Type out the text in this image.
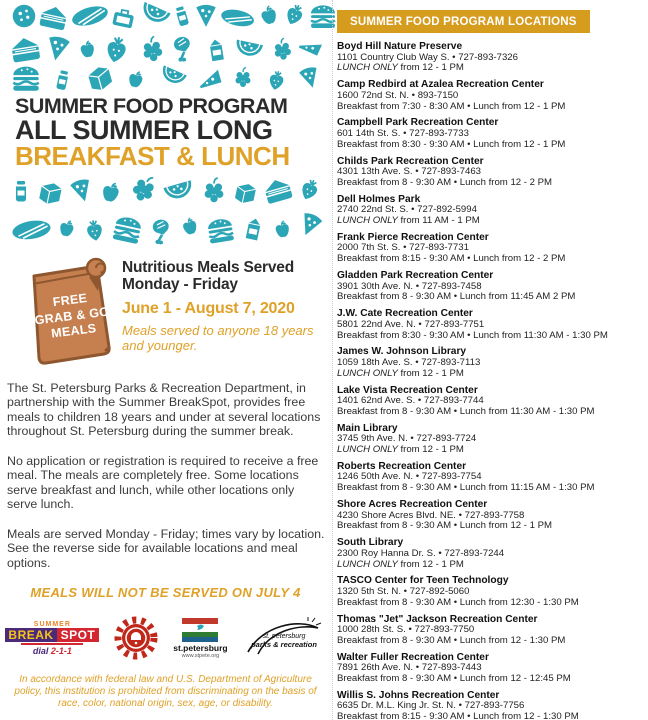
SUMMER FOOD PROGRAM
ALL SUMMER LONG
BREAKFAST & LUNCH
FREE
GRAB & GO
MEALS
Nutritious Meals Served
Monday - Friday
June 1 - August 7, 2020
Meals served to anyone 18 years and younger.
The St. Petersburg Parks & Recreation Department, in partnership with the Summer BreakSpot, provides free meals to children 18 years and under at several locations throughout St. Petersburg during the summer break.
No application or registration is required to receive a free meal. The meals are completely free. Some locations serve breakfast and lunch, while other locations only serve lunch.
Meals are served Monday - Friday; times vary by location. See the reverse side for available locations and meal options.
MEALS WILL NOT BE SERVED ON JULY 4
SUMMER
BREAK SPOT
dial 2-1-1	st.petersburg
www.stpete.org
st. petersburg
parks & recreation
In accordance with federal law and U.S. Department of Agriculture policy, this institution is prohibited from discriminating on the basis of race, color, national origin, sex, age, or disability.
SUMMER FOOD PROGRAM LOCATIONS
Boyd Hill Nature Preserve
1101 Country Club Way S. • 727-893-7326
LUNCH ONLY from 12 - 1 PM
Camp Redbird at Azalea Recreation Center
1600 72nd St. N. • 893-7150
Breakfast from 7:30 - 8:30 AM • Lunch from 12 - 1 PM
Campbell Park Recreation Center
601 14th St. S. • 727-893-7733
Breakfast from 8:30 - 9:30 AM • Lunch from 12 - 1 PM
Childs Park Recreation Center
4301 13th Ave. S. • 727-893-7463
Breakfast from 8 - 9:30 AM • Lunch from 12 - 2 PM
Dell Holmes Park
2740 22nd St. S. • 727-892-5994
LUNCH ONLY from 11 AM - 1 PM
Frank Pierce Recreation Center
2000 7th St. S. • 727-893-7731
Breakfast from 8:15 - 9:30 AM • Lunch from 12 - 2 PM
Gladden Park Recreation Center
3901 30th Ave. N. • 727-893-7458
Breakfast from 8 - 9:30 AM • Lunch from 11:45 AM 2 PM
J.W. Cate Recreation Center
5801 22nd Ave. N. • 727-893-7751
Breakfast from 8:30 - 9:30 AM • Lunch from 11:30 AM - 1:30 PM
James W. Johnson Library
1059 18th Ave. S. • 727-893-7113
LUNCH ONLY from 12 - 1 PM
Lake Vista Recreation Center
1401 62nd Ave. S. • 727-893-7744
Breakfast from 8 - 9:30 AM • Lunch from 11:30 AM - 1:30 PM
Main Library
3745 9th Ave. N. • 727-893-7724
LUNCH ONLY from 12 - 1 PM
Roberts Recreation Center
1246 50th Ave. N. • 727-893-7754
Breakfast from 8 - 9:30 AM • Lunch from 11:15 AM - 1:30 PM
Shore Acres Recreation Center
4230 Shore Acres Blvd. NE. • 727-893-7758
Breakfast from 8 - 9:30 AM • Lunch from 12 - 1 PM
South Library
2300 Roy Hanna Dr. S. • 727-893-7244
LUNCH ONLY from 12 - 1 PM
TASCO Center for Teen Technology
1320 5th St. N. • 727-892-5060
Breakfast from 8 - 9:30 AM • Lunch from 12:30 - 1:30 PM
Thomas "Jet" Jackson Recreation Center
1000 28th St. S. • 727-893-7750
Breakfast from 8 - 9:30 AM • Lunch from 12 - 1:30 PM
Walter Fuller Recreation Center
7891 26th Ave. N. • 727-893-7443
Breakfast from 8 - 9:30 AM • Lunch from 12 - 12:45 PM
Willis S. Johns Recreation Center
6635 Dr. M.L. King Jr. St. N. • 727-893-7756
Breakfast from 8:15 - 9:30 AM • Lunch from 12 - 1:30 PM
